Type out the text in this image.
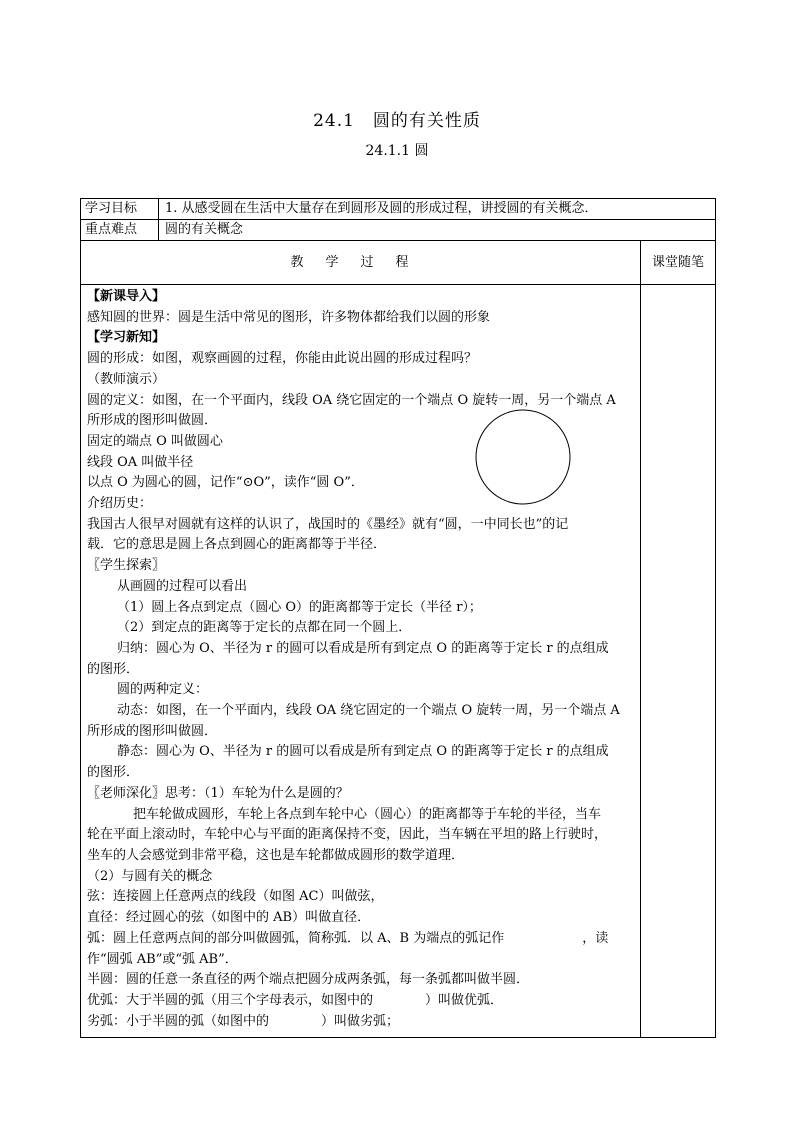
24.1 圆的有关性质
24.1.1 圆
学习目标	1. 从感受圆在生活中大量存在到圆形及圆的形成过程，讲授圆的有关概念．
重点难点	圆的有关概念
教学过程	课堂随笔
【新课导入】
感知圆的世界：圆是生活中常见的图形，许多物体都给我们以圆的形象
【学习新知】
圆的形成：如图，观察画圆的过程，你能由此说出圆的形成过程吗？
（教师演示）
圆的定义：如图，在一个平面内，线段 OA 绕它固定的一个端点 O 旋转一周，另一个端点 A
所形成的图形叫做圆．
固定的端点 O 叫做圆心
线段 OA 叫做半径
以点 O 为圆心的圆，记作“⊙O”，读作“圆 O”．
介绍历史：
我国古人很早对圆就有这样的认识了，战国时的《墨经》就有“圆，一中同长也”的记
载．它的意思是圆上各点到圆心的距离都等于半径．
〖学生探索〗
从画圆的过程可以看出
（1）圆上各点到定点（圆心 O）的距离都等于定长（半径 r）；
（2）到定点的距离等于定长的点都在同一个圆上．
归纳：圆心为 O、半径为 r 的圆可以看成是所有到定点 O 的距离等于定长 r 的点组成
的图形．
圆的两种定义：
动态：如图，在一个平面内，线段 OA 绕它固定的一个端点 O 旋转一周，另一个端点 A
所形成的图形叫做圆．
静态：圆心为 O、半径为 r 的圆可以看成是所有到定点 O 的距离等于定长 r 的点组成
的图形．
〖老师深化〗思考：（1）车轮为什么是圆的？
把车轮做成圆形，车轮上各点到车轮中心（圆心）的距离都等于车轮的半径，当车
轮在平面上滚动时，车轮中心与平面的距离保持不变，因此，当车辆在平坦的路上行驶时，
坐车的人会感觉到非常平稳，这也是车轮都做成圆形的数学道理．
（2）与圆有关的概念
弦：连接圆上任意两点的线段（如图 AC）叫做弦，
直径：经过圆心的弦（如图中的 AB）叫做直径．
弧：圆上任意两点间的部分叫做圆弧，简称弧．以 A、B 为端点的弧记作	，读
作“圆弧 AB”或“弧 AB”．
半圆：圆的任意一条直径的两个端点把圆分成两条弧，每一条弧都叫做半圆．
优弧：大于半圆的弧（用三个字母表示，如图中的	）叫做优弧．
劣弧：小于半圆的弧（如图中的	）叫做劣弧；
